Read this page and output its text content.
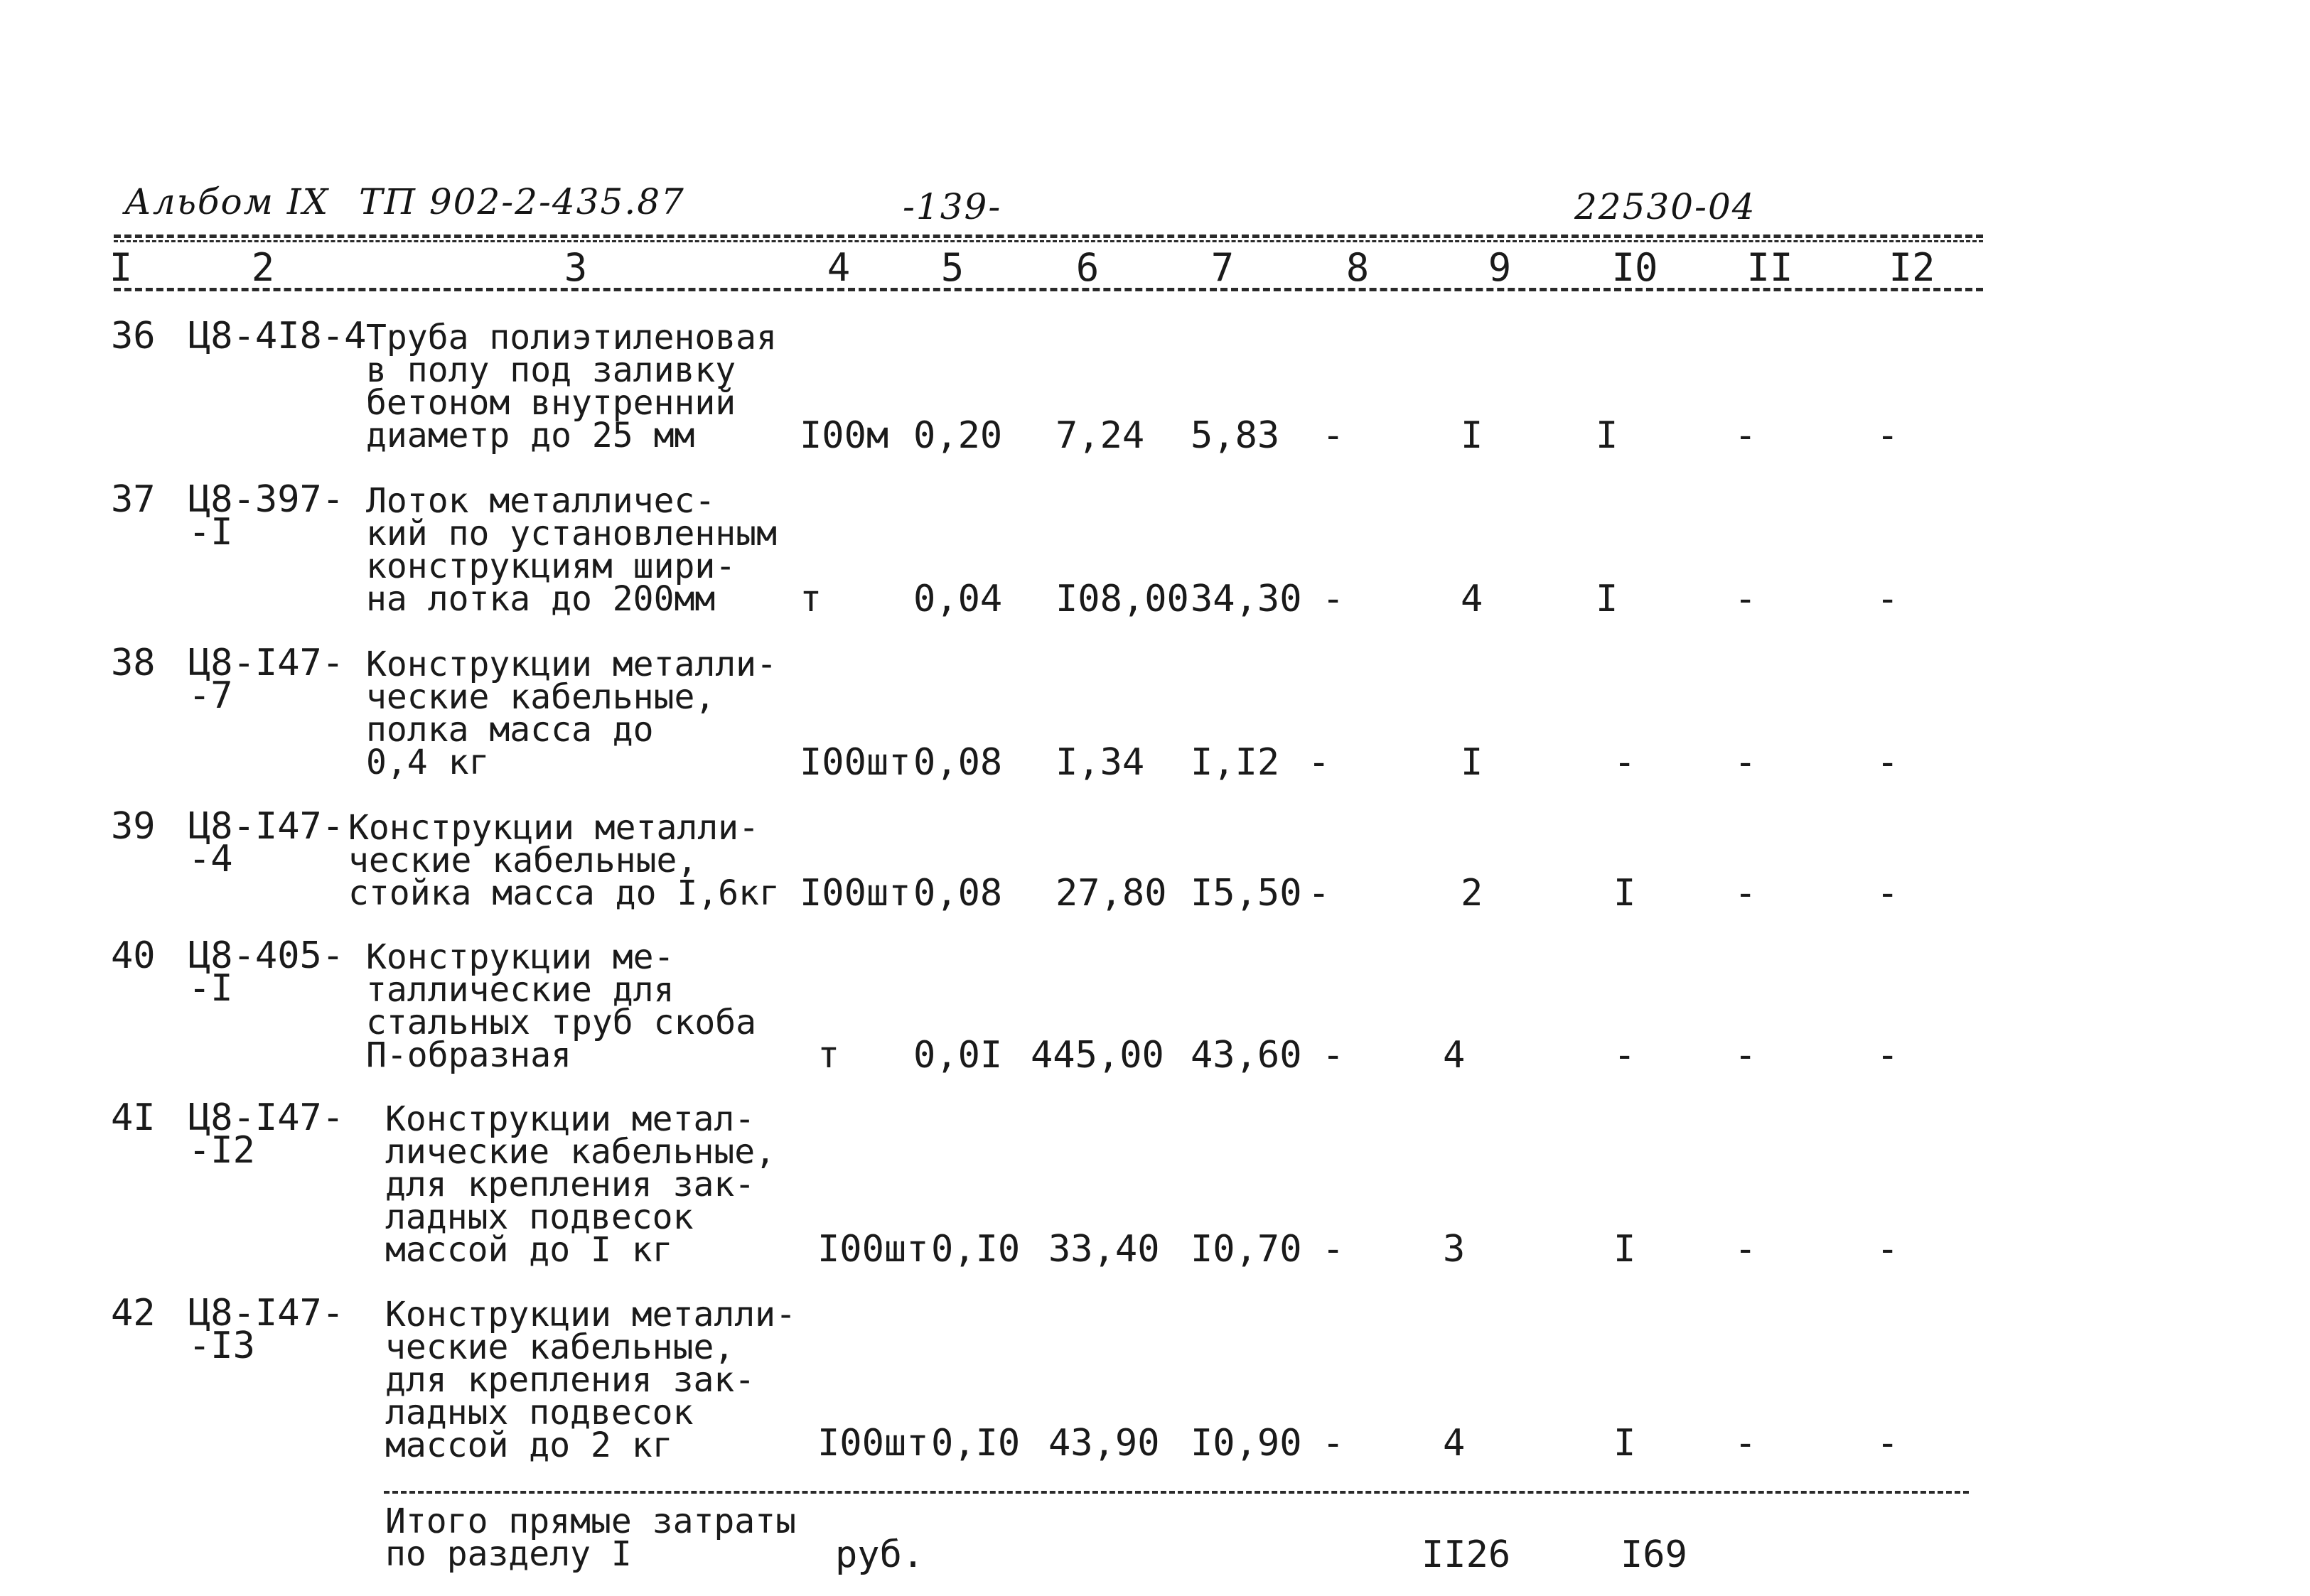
Альбом IX ТП 902-2-435.87	-139-	22530-04
I	2	3	4	5	6	7	8	9	I0	II	I2
36 Ц8-4I8-4 Труба полиэтиленовая
в полу под заливку
бетоном внутренний
диаметр до 25 мм	I00м 0,20 7,24 5,83 -	I	I	-	-
37 Ц8-397-
-I
Лоток металличес-
кий по установленным
конструкциям шири-
на лотка до 200мм	т 0,04 I08,00 34,30 -	4	I	-	-
38 Ц8-I47-
-7
Конструкции металли-
ческие кабельные,
полка масса до
0,4 кг	I00шт 0,08 I,34 I,I2 -	I	-	-	-
39 Ц8-I47-
-4
Конструкции металли-
ческие кабельные,
стойка масса до I,6кг I00шт 0,08 27,80 I5,50 -	2	I	-	-
40 Ц8-405-
-I
Конструкции ме-
таллические для
стальных труб скоба
П-образная	т 0,0I 445,00 43,60 -	4	-	-	-
4I Ц8-I47-
-I2
Конструкции метал-
лические кабельные,
для крепления зак-
ладных подвесок
массой до I кг	I00шт 0,I0 33,40 I0,70 -	3	I	-	-
42 Ц8-I47-
-I3
Конструкции металли-
ческие кабельные,
для крепления зак-
ладных подвесок
массой до 2 кг	I00шт 0,I0 43,90 I0,90 -	4	I	-	-
Итого прямые затраты
по разделу I	руб.	II26	I69
